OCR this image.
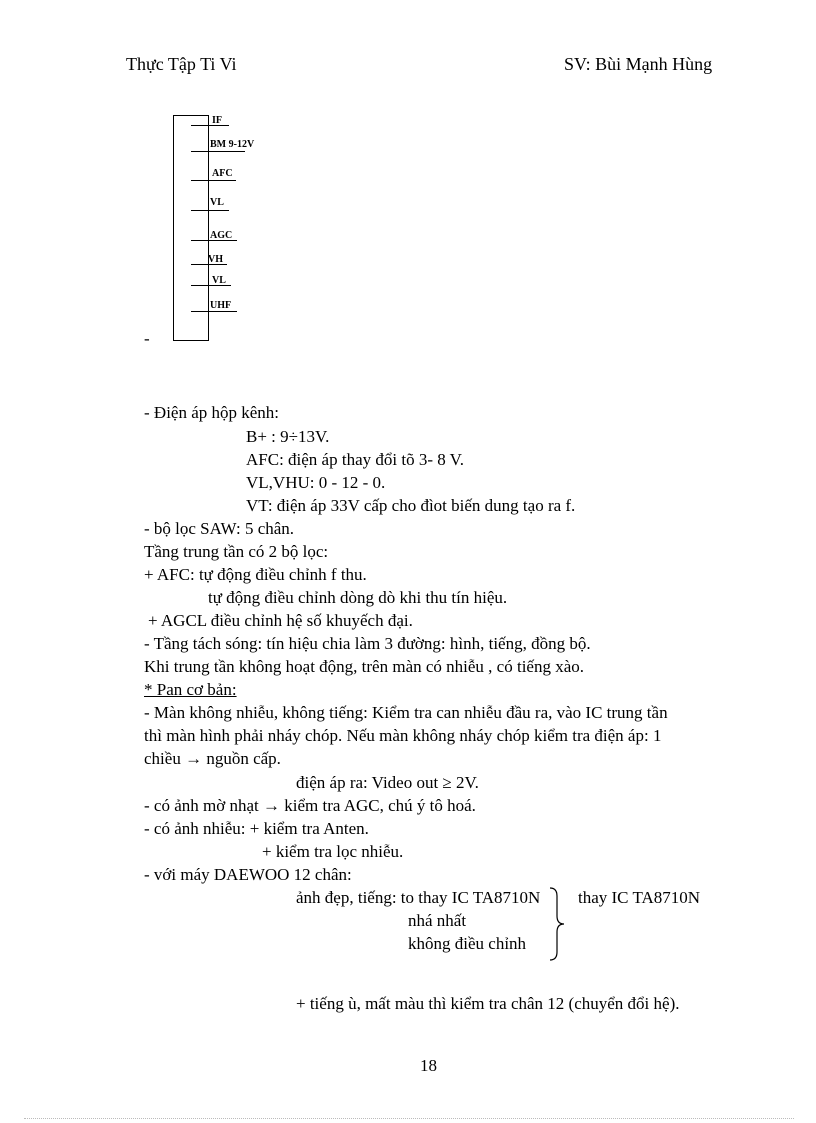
Thực Tập Ti Vi	SV: Bùi Mạnh Hùng
IF
BM 9-12V
AFC
VL
AGC
VH
VL
UHF
-
- Điện áp hộp kênh:
B+ : 9÷13V.
AFC: điện áp thay đổi tõ 3- 8 V.
VL,VHU: 0 - 12 - 0.
VT: điện áp 33V cấp cho đìot biến dung tạo ra f.
- bộ lọc SAW: 5 chân.
Tầng trung tần có 2 bộ lọc:
+ AFC: tự động điều chỉnh f thu.
tự động điều chỉnh dòng dò khi thu tín hiệu.
+ AGCL điều chỉnh hệ số khuyếch đại.
- Tầng tách sóng: tín hiệu chia làm 3 đường: hình, tiếng, đồng bộ.
Khi trung tần không hoạt động, trên màn có nhiễu , có tiếng xào.
* Pan cơ bản:
- Màn không nhiễu, không tiếng: Kiểm tra can nhiễu đầu ra, vào IC trung tần
thì màn hình phải nháy chóp. Nếu màn không nháy chóp kiểm tra điện áp: 1
chiều → nguồn cấp.
điện áp ra: Video out ≥ 2V.
- có ảnh mờ nhạt → kiểm tra AGC, chú ý tô hoá.
- có ảnh nhiễu: + kiểm tra Anten.
+ kiểm tra lọc nhiễu.
- với máy DAEWOO 12 chân:
ảnh đẹp, tiếng: to thay IC TA8710N thay IC TA8710N
nhá nhất
không điều chỉnh
+ tiếng ù, mất màu thì kiểm tra chân 12 (chuyển đổi hệ).
18
